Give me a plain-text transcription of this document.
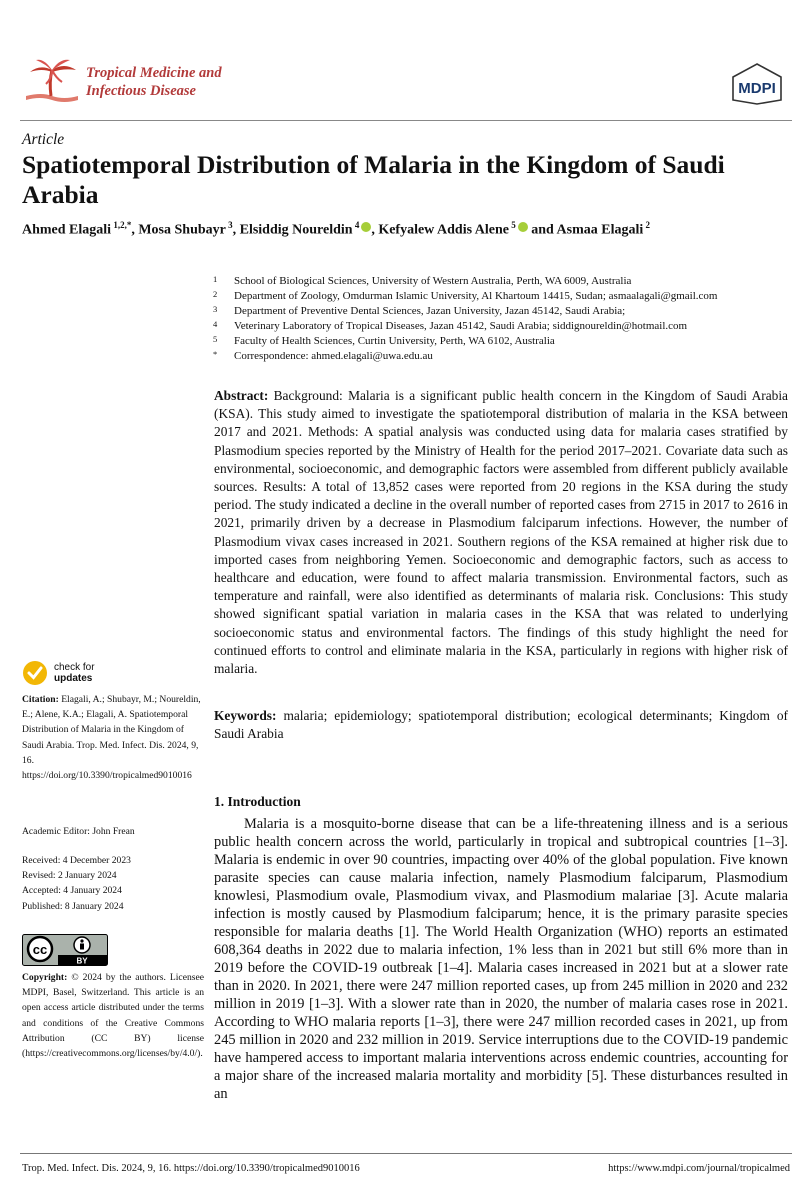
Tropical Medicine and
Infectious Disease	MDPI
Article
Spatiotemporal Distribution of Malaria in the Kingdom of Saudi Arabia
Ahmed Elagali $^{1,2,*}$, Mosa Shubayr $^3$, Elsiddig Noureldin $^4$ , Kefyalew Addis Alene $^5$ and Asmaa Elagali $^2$
1 School of Biological Sciences, University of Western Australia, Perth, WA 6009, Australia
2 Department of Zoology, Omdurman Islamic University, Al Khartoum 14415, Sudan; asmaalagali@gmail.com
3 Department of Preventive Dental Sciences, Jazan University, Jazan 45142, Saudi Arabia;
4 Veterinary Laboratory of Tropical Diseases, Jazan 45142, Saudi Arabia; siddignoureldin@hotmail.com
5 Faculty of Health Sciences, Curtin University, Perth, WA 6102, Australia
* Correspondence: ahmed.elagali@uwa.edu.au
Abstract: Background: Malaria is a significant public health concern in the Kingdom of Saudi Arabia (KSA). This study aimed to investigate the spatiotemporal distribution of malaria in the KSA between 2017 and 2021. Methods: A spatial analysis was conducted using data for malaria cases stratified by Plasmodium species reported by the Ministry of Health for the period 2017–2021. Covariate data such as environmental, socioeconomic, and demographic factors were assembled from different publicly available sources. Results: A total of 13,852 cases were reported from 20 regions in the KSA during the study period. The study indicated a decline in the overall number of reported cases from 2715 in 2017 to 2616 in 2021, primarily driven by a decrease in Plasmodium falciparum infections. However, the number of Plasmodium vivax cases increased in 2021. Southern regions of the KSA remained at higher risk due to imported cases from neighboring Yemen. Socioeconomic and demographic factors, such as access to healthcare and education, were found to affect malaria transmission. Environmental factors, such as temperature and rainfall, were also identified as determinants of malaria risk. Conclusions: This study showed significant spatial variation in malaria cases in the KSA that was related to underlying socioeconomic status and environmental factors. The findings of this study highlight the need for continued efforts to control and eliminate malaria in the KSA, particularly in regions with higher risk of malaria.
Keywords: malaria; epidemiology; spatiotemporal distribution; ecological determinants; Kingdom of Saudi Arabia
1. Introduction
Malaria is a mosquito-borne disease that can be a life-threatening illness and is a serious public health concern across the world, particularly in tropical and subtropical countries [1–3]. Malaria is endemic in over 90 countries, impacting over 40% of the global population. Five known parasite species can cause malaria infection, namely Plasmodium falciparum, Plasmodium knowlesi, Plasmodium ovale, Plasmodium vivax, and Plasmodium malariae [3]. Acute malaria infection is mostly caused by Plasmodium falciparum; hence, it is the primary parasite species responsible for malaria deaths [1]. The World Health Organization (WHO) reports an estimated 608,364 deaths in 2022 due to malaria infection, 1% less than in 2021 but still 6% more than in 2019 before the COVID-19 outbreak [1–4]. Malaria cases increased in 2021 but at a slower rate than in 2020. In 2021, there were 247 million reported cases, up from 245 million in 2020 and 232 million in 2019 [1–3]. With a slower rate than in 2020, the number of malaria cases rose in 2021. According to WHO malaria reports [1–3], there were 247 million recorded cases in 2021, up from 245 million in 2020 and 232 million in 2019. Service interruptions due to the COVID-19 pandemic have hampered access to important malaria interventions across endemic countries, accounting for a major share of the increased malaria mortality and morbidity [5]. These disturbances resulted in an
check for
updates
Citation: Elagali, A.; Shubayr, M.; Noureldin, E.; Alene, K.A.; Elagali, A. Spatiotemporal Distribution of Malaria in the Kingdom of Saudi Arabia. Trop. Med. Infect. Dis. 2024, 9, 16. https://doi.org/10.3390/tropicalmed9010016
Academic Editor: John Frean
Received: 4 December 2023
Revised: 2 January 2024
Accepted: 4 January 2024
Published: 8 January 2024
cc
BY
Copyright: © 2024 by the authors. Licensee MDPI, Basel, Switzerland. This article is an open access article distributed under the terms and conditions of the Creative Commons Attribution (CC BY) license (https://creativecommons.org/licenses/by/4.0/).
Trop. Med. Infect. Dis. 2024, 9, 16. https://doi.org/10.3390/tropicalmed9010016	https://www.mdpi.com/journal/tropicalmed
